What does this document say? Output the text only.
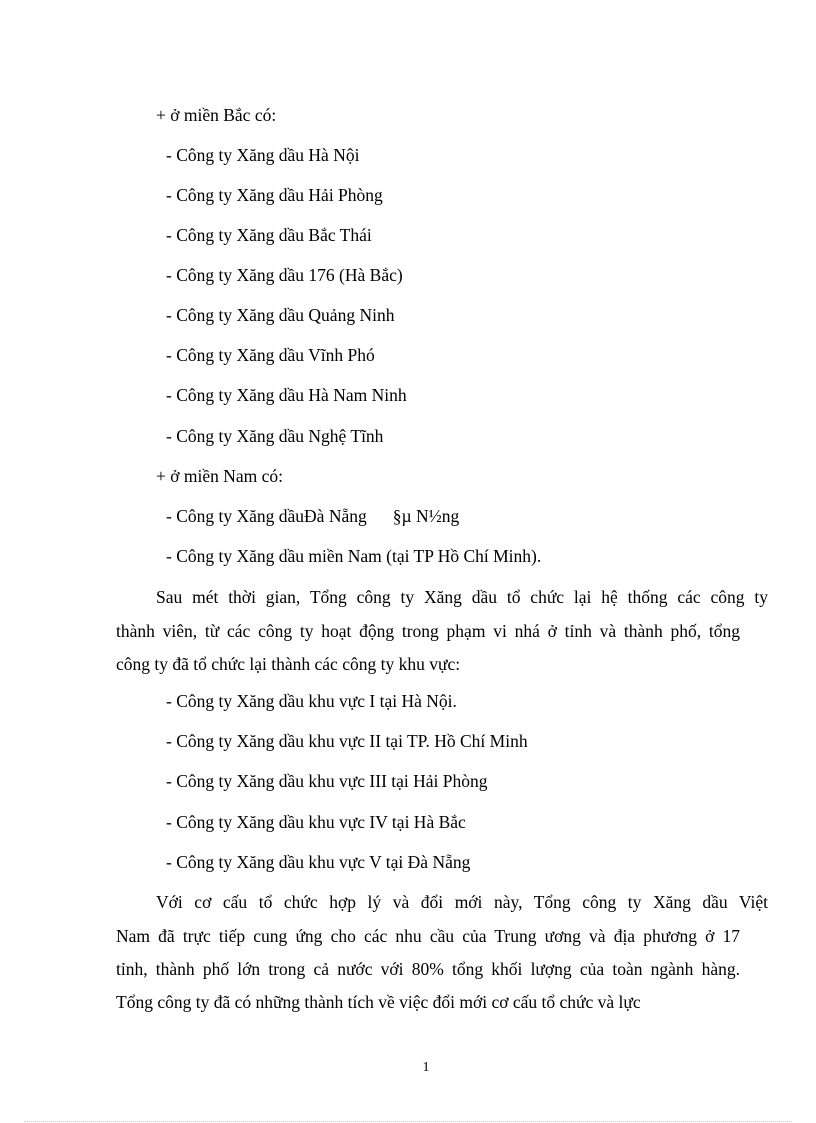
+ ở miền Bắc có:
- Công ty Xăng dầu Hà Nội
- Công ty Xăng dầu Hải Phòng
- Công ty Xăng dầu Bắc Thái
- Công ty Xăng dầu 176 (Hà Bắc)
- Công ty Xăng dầu Quảng Ninh
- Công ty Xăng dầu Vĩnh Phó
- Công ty Xăng dầu Hà Nam Ninh
- Công ty Xăng dầu Nghệ Tĩnh
+ ở miền Nam có:
- Công ty Xăng dầuĐà Nẵng §µ N½ng
- Công ty Xăng dầu miền Nam (tại TP Hồ Chí Minh).
Sau mét thời gian, Tổng công ty Xăng dầu tổ chức lại hệ thống các công ty
thành viên, từ các công ty hoạt động trong phạm vi nhá ở tỉnh và thành phố, tổng
công ty đã tổ chức lại thành các công ty khu vực:
- Công ty Xăng dầu khu vực I tại Hà Nội.
- Công ty Xăng dầu khu vực II tại TP. Hồ Chí Minh
- Công ty Xăng dầu khu vực III tại Hải Phòng
- Công ty Xăng dầu khu vực IV tại Hà Bắc
- Công ty Xăng dầu khu vực V tại Đà Nẵng
Với cơ cấu tổ chức hợp lý và đổi mới này, Tổng công ty Xăng dầu Việt
Nam đã trực tiếp cung ứng cho các nhu cầu của Trung ương và địa phương ở 17
tỉnh, thành phố lớn trong cả nước với 80% tổng khối lượng của toàn ngành hàng.
Tổng công ty đã có những thành tích về việc đổi mới cơ cấu tổ chức và lực
1
